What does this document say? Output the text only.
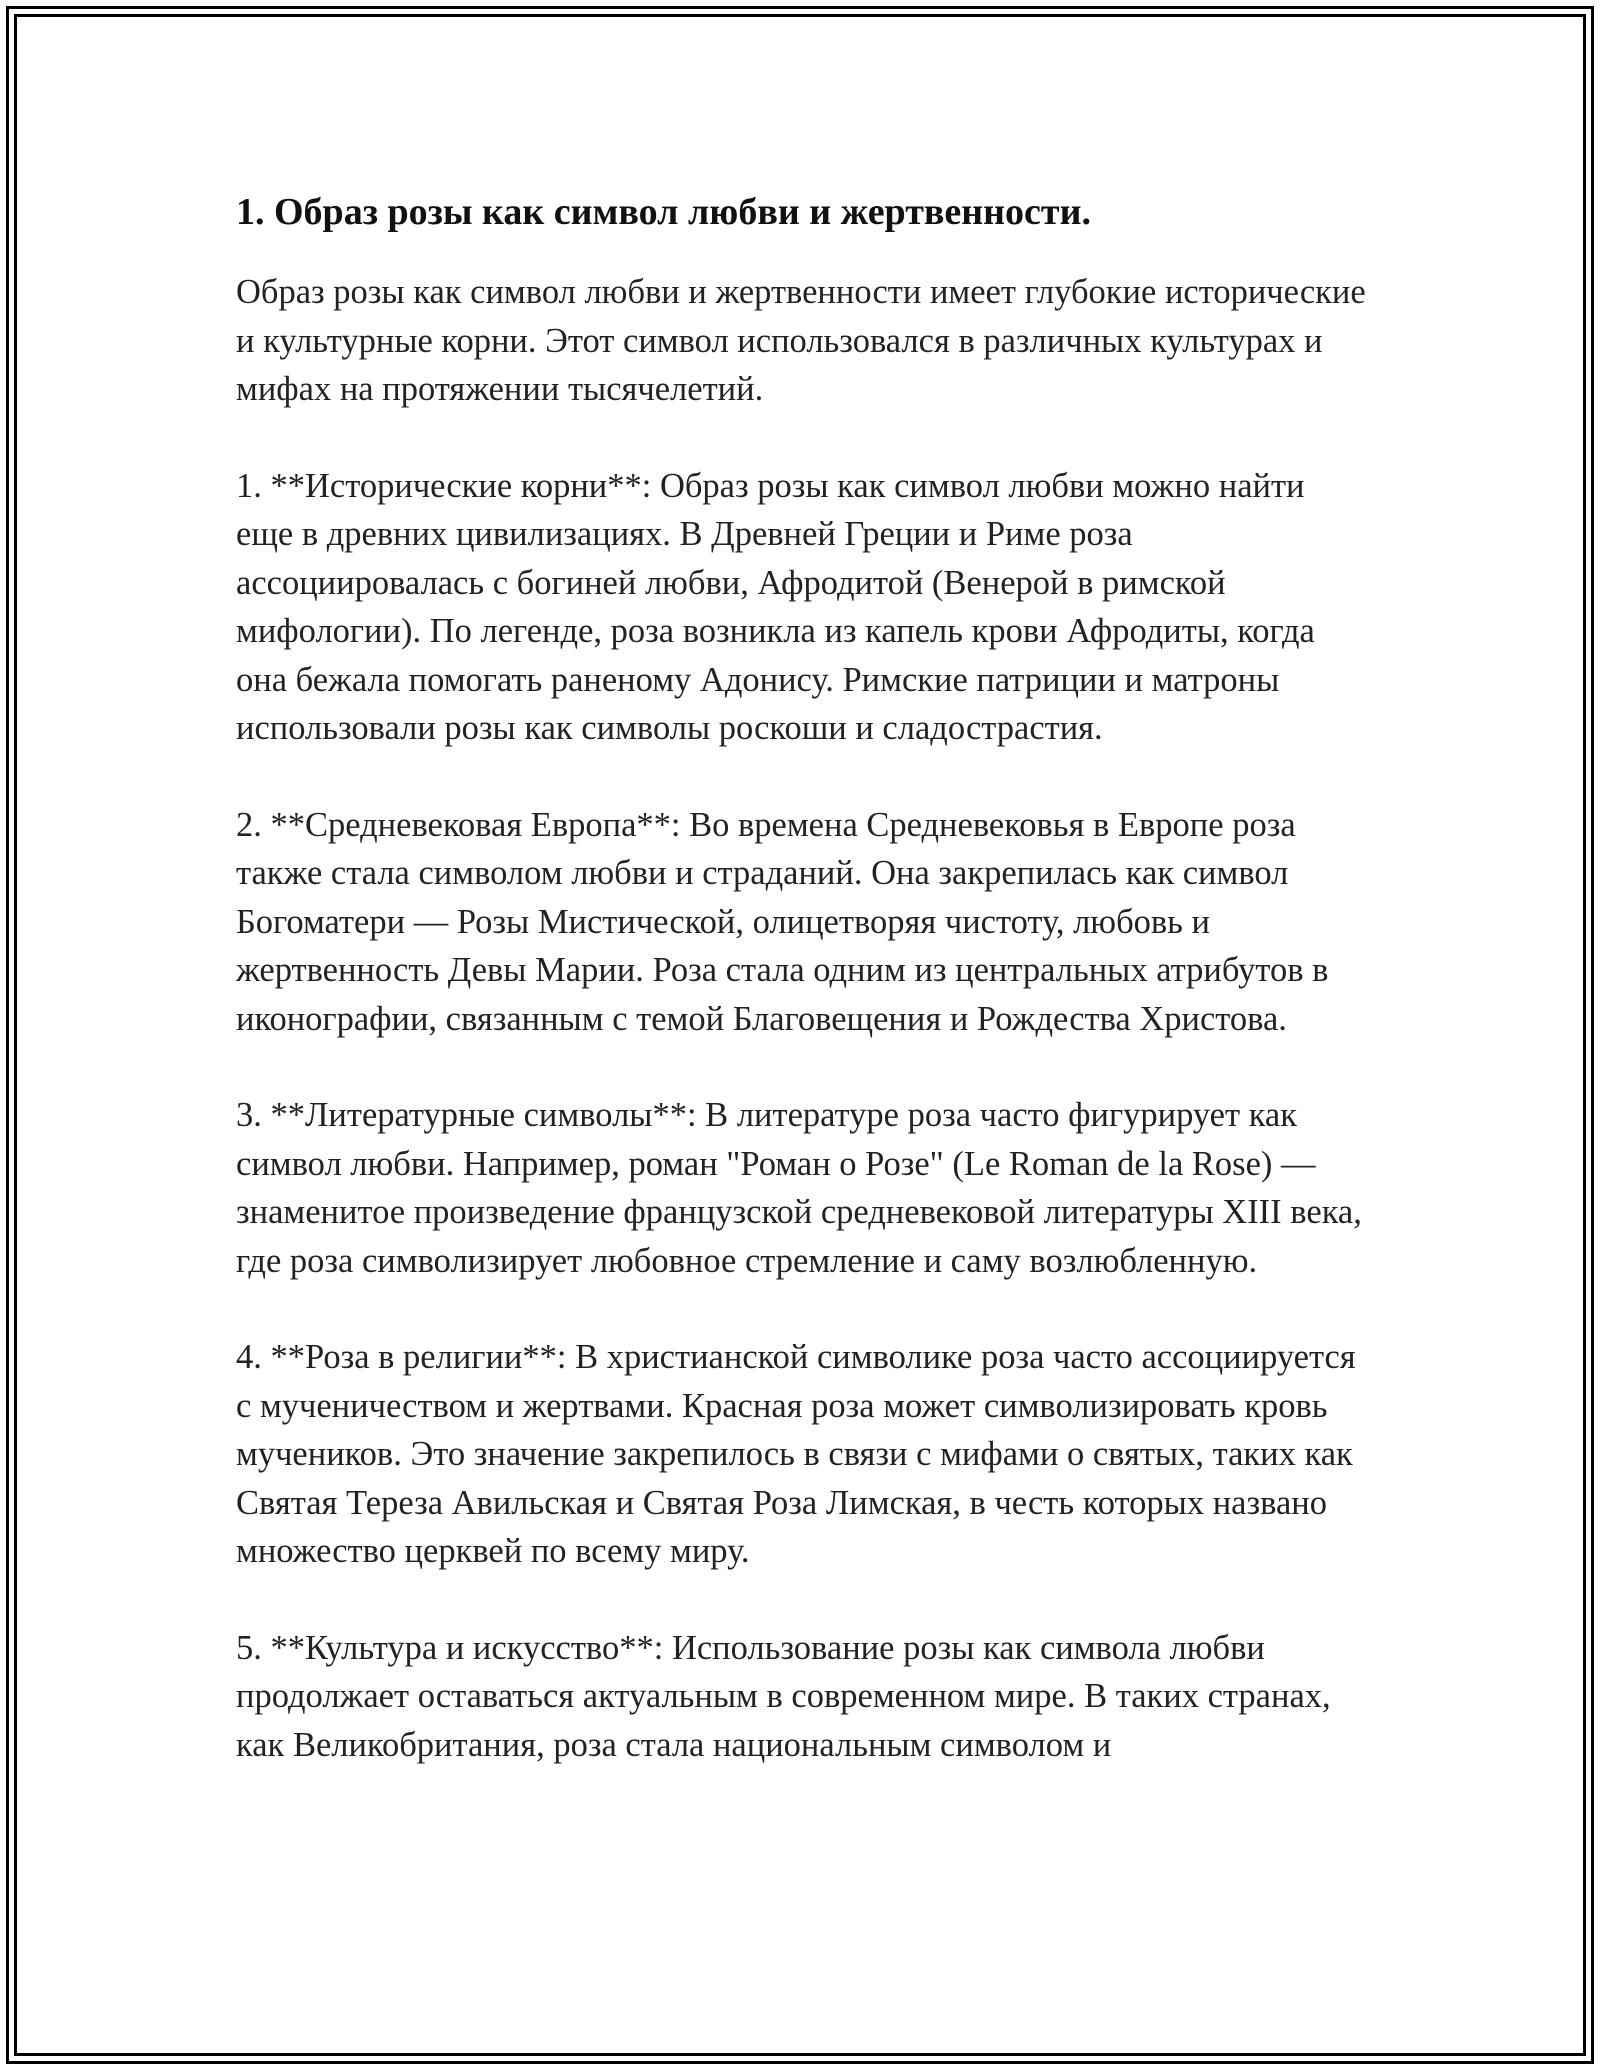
1. Образ розы как символ любви и жертвенности.

Образ розы как символ любви и жертвенности имеет глубокие исторические и культурные корни. Этот символ использовался в различных культурах и мифах на протяжении тысячелетий.

1. **Исторические корни**: Образ розы как символ любви можно найти еще в древних цивилизациях. В Древней Греции и Риме роза ассоциировалась с богиней любви, Афродитой (Венерой в римской мифологии). По легенде, роза возникла из капель крови Афродиты, когда она бежала помогать раненому Адонису. Римские патриции и матроны использовали розы как символы роскоши и сладострастия.

2. **Средневековая Европа**: Во времена Средневековья в Европе роза также стала символом любви и страданий. Она закрепилась как символ Богоматери — Розы Мистической, олицетворяя чистоту, любовь и жертвенность Девы Марии. Роза стала одним из центральных атрибутов в иконографии, связанным с темой Благовещения и Рождества Христова.

3. **Литературные символы**: В литературе роза часто фигурирует как символ любви. Например, роман "Роман о Розе" (Le Roman de la Rose) — знаменитое произведение французской средневековой литературы XIII века, где роза символизирует любовное стремление и саму возлюбленную.

4. **Роза в религии**: В христианской символике роза часто ассоциируется с мученичеством и жертвами. Красная роза может символизировать кровь мучеников. Это значение закрепилось в связи с мифами о святых, таких как Святая Тереза Авильская и Святая Роза Лимская, в честь которых названо множество церквей по всему миру.

5. **Культура и искусство**: Использование розы как символа любви продолжает оставаться актуальным в современном мире. В таких странах, как Великобритания, роза стала национальным символом и
